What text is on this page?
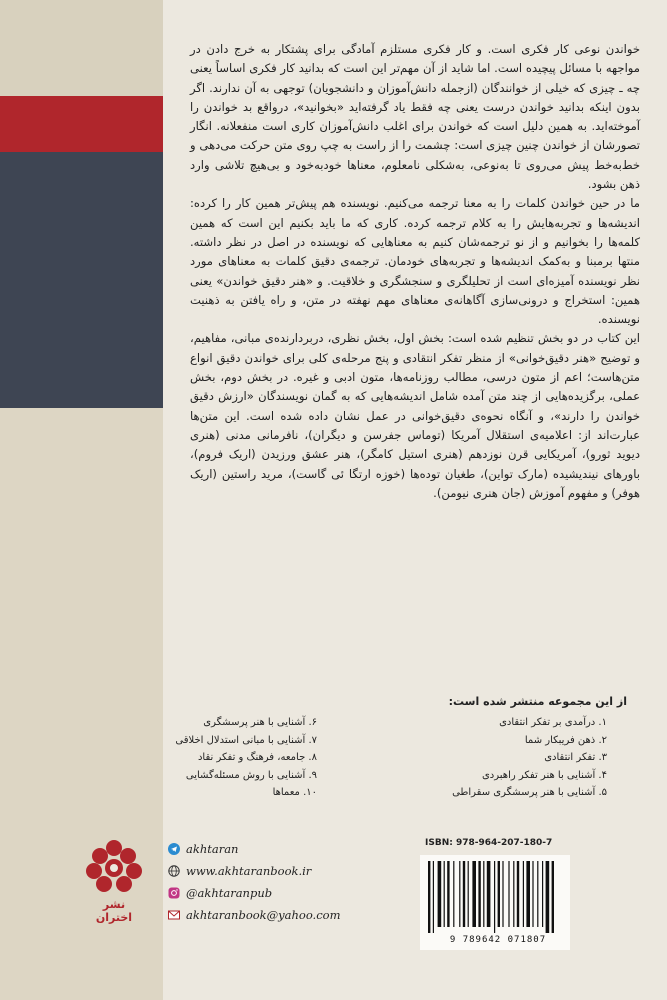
خواندن نوعی کار فکری است. و کار فکری مستلزم آمادگی برای پشتکار به خرج دادن در مواجهه با مسائل پیچیده است. اما شاید از آن مهم‌تر این است که بدانید کار فکری اساساً یعنی چه ـ چیزی که خیلی از خوانندگان (ازجمله دانش‌آموزان و دانشجویان) توجهی به آن ندارند. اگر بدون اینکه بدانید خواندن درست یعنی چه فقط یاد گرفته‌اید «بخوانید»، درواقع بد خواندن را آموخته‌اید. به همین دلیل است که خواندن برای اغلب دانش‌آموزان کاری است منفعلانه. انگار تصورشان از خواندن چنین چیزی است: چشمت را از راست به چپ روی متن حرکت می‌دهی و خط‌به‌خط پیش می‌روی تا به‌نوعی، به‌شکلی نامعلوم، معناها خودبه‌خود و بی‌هیچ تلاشی وارد ذهن بشود.

ما در حین خواندن کلمات را به معنا ترجمه می‌کنیم. نویسنده هم پیش‌تر همین کار را کرده: اندیشه‌ها و تجربه‌هایش را به کلام ترجمه کرده. کاری که ما باید بکنیم این است که همین کلمه‌ها را بخوانیم و از نو ترجمه‌شان کنیم به معناهایی که نویسنده در اصل در نظر داشته. منتها برمبنا و به‌کمک اندیشه‌ها و تجربه‌های خودمان. ترجمه‌ی دقیق کلمات به معناهای مورد نظر نویسنده آمیزه‌ای است از تحلیلگری و سنجشگری و خلاقیت. و «هنر دقیق خواندن» یعنی همین: استخراج و درونی‌سازی آگاهانه‌ی معناهای مهم نهفته در متن، و راه یافتن به ذهنیت نویسنده.

این کتاب در دو بخش تنظیم شده است: بخش اول، بخش نظری، دربردارنده‌ی مبانی، مفاهیم، و توضیح «هنر دقیق‌خوانی» از منظر تفکر انتقادی و پنج مرحله‌ی کلی برای خواندن دقیق انواع متن‌هاست؛ اعم از متون درسی، مطالب روزنامه‌ها، متون ادبی و غیره. در بخش دوم، بخش عملی، برگزیده‌هایی از چند متن آمده شامل اندیشه‌هایی که به گمان نویسندگان «ارزش دقیق خواندن را دارند»، و آنگاه نحوه‌ی دقیق‌خوانی در عمل نشان داده شده است. این متن‌ها عبارت‌اند از: اعلامیه‌ی استقلال آمریکا (توماس جفرسن و دیگران)، نافرمانی مدنی (هنری دیوید ثورو)، آمریکایی قرن نوزدهم (هنری استیل کامگر)، هنر عشق ورزیدن (اریک فروم)، باورهای نیندیشیده (مارک تواین)، طغیان توده‌ها (خوزه ارتگا ئی گاست)، مرید راستین (اریک هوفر) و مفهوم آموزش (جان هنری نیومن).

از این مجموعه منتشر شده است:
۱. درآمدی بر تفکر انتقادی
۲. ذهن فریبکار شما
۳. تفکر انتقادی
۴. آشنایی با هنر تفکر راهبردی
۵. آشنایی با هنر پرسشگری سقراطی
۶. آشنایی با هنر پرسشگری
۷. آشنایی با مبانی استدلال اخلاقی
۸. جامعه، فرهنگ و تفکر نقاد
۹. آشنایی با روش مسئله‌گشایی
۱۰. معماها
نشر اختران
akhtaran
www.akhtaranbook.ir
@akhtaranpub
akhtaranbook@yahoo.com
ISBN: 978-964-207-180-7
9 789642 071807
